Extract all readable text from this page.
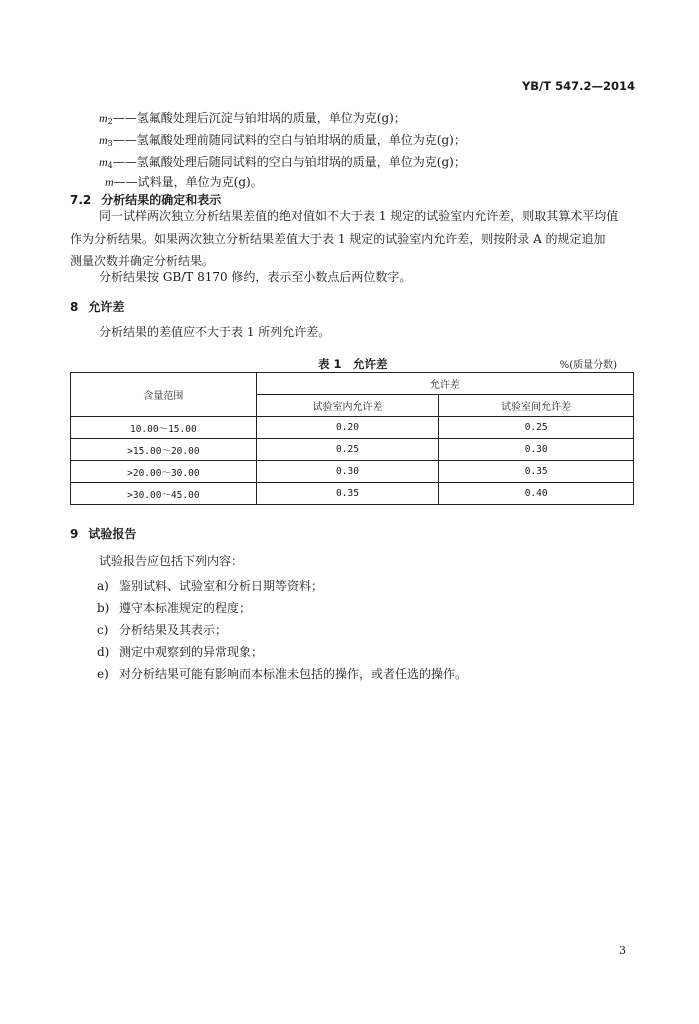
YB/T 547.2—2014
$m_2——$氢氟酸处理后沉淀与铂坩埚的质量，单位为克(g)；
$m_3——$氢氟酸处理前随同试料的空白与铂坩埚的质量，单位为克(g)；
$m_4——$氢氟酸处理后随同试料的空白与铂坩埚的质量，单位为克(g)；
m——试料量，单位为克(g)。
7.2 分析结果的确定和表示
同一试样两次独立分析结果差值的绝对值如不大于表 1 规定的试验室内允许差，则取其算术平均值
作为分析结果。如果两次独立分析结果差值大于表 1 规定的试验室内允许差，则按附录 A 的规定追加
测量次数并确定分析结果。
分析结果按 GB/T 8170 修约，表示至小数点后两位数字。
8 允许差
分析结果的差值应不大于表 1 所列允许差。
表 1　允许差	%(质量分数)
含量范围	允许差	
	试验室内允许差	试验室间允许差
10.00～15.00	0.20	0.25
>15.00～20.00	0.25	0.30
>20.00～30.00	0.30	0.35
>30.00～45.00	0.35	0.40
9 试验报告
试验报告应包括下列内容：
a) 鉴别试料、试验室和分析日期等资料；
b) 遵守本标准规定的程度；
c) 分析结果及其表示；
d) 测定中观察到的异常现象；
e) 对分析结果可能有影响而本标准未包括的操作，或者任选的操作。
3
